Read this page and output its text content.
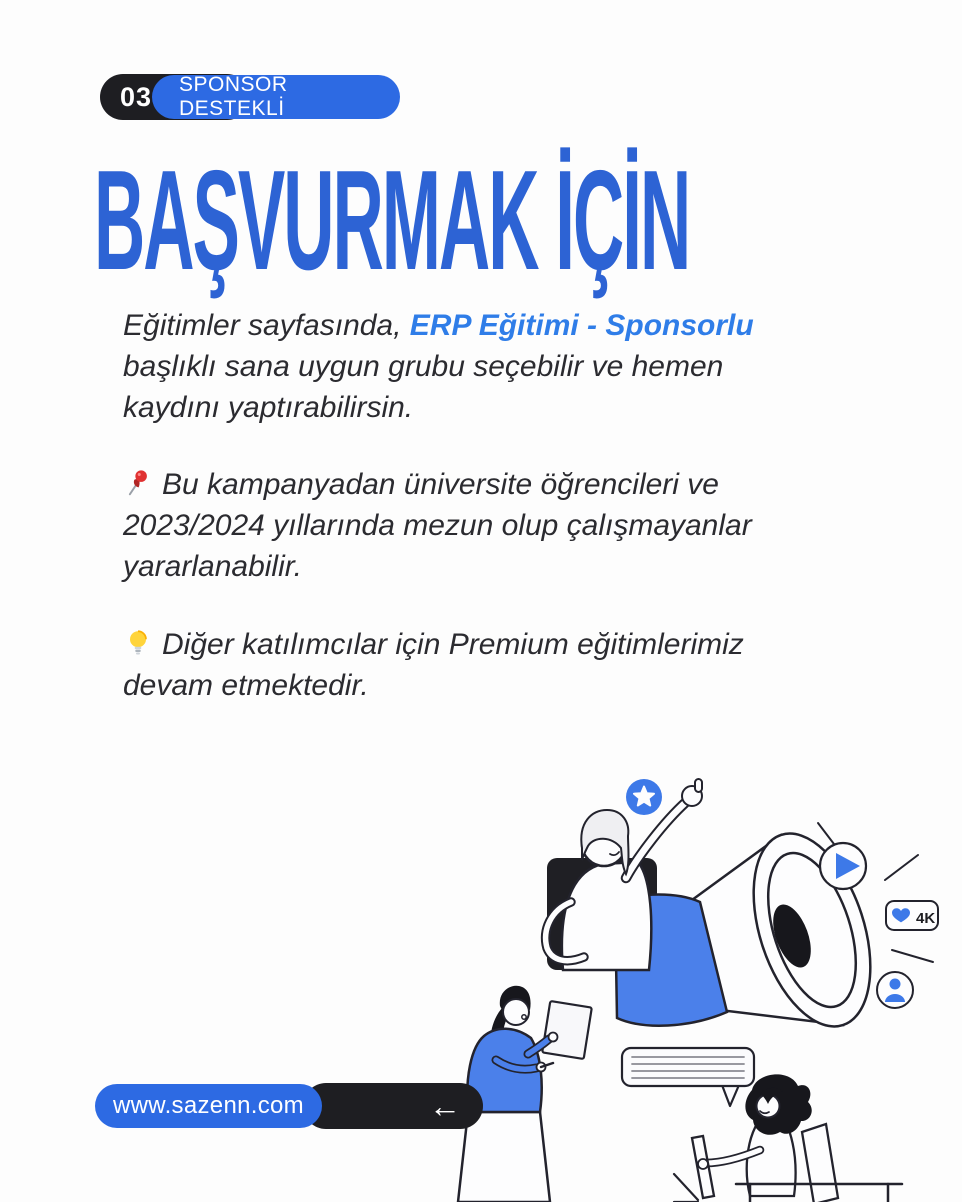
03 SPONSOR DESTEKLİ
BAŞVURMAK İÇİN

Eğitimler sayfasında, ERP Eğitimi - Sponsorlu başlıklı sana uygun grubu seçebilir ve hemen kaydını yaptırabilirsin.

Bu kampanyadan üniversite öğrencileri ve 2023/2024 yıllarında mezun olup çalışmayanlar yararlanabilir.

Diğer katılımcılar için Premium eğitimlerimiz devam etmektedir.

4K
←
www.sazenn.com
